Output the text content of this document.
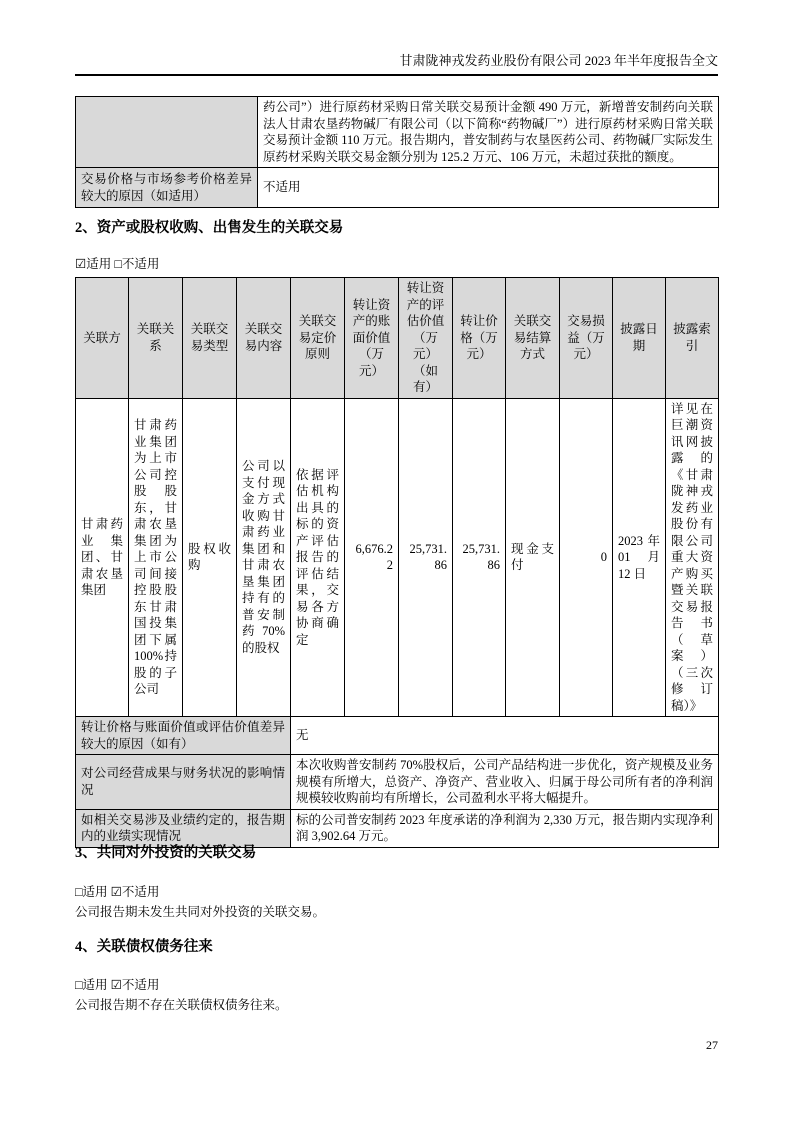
甘肃陇神戎发药业股份有限公司 2023 年半年度报告全文
	药公司”）进行原药材采购日常关联交易预计金额 490 万元，新增普安制药向关联法人甘肃农垦药物碱厂有限公司（以下简称“药物碱厂”）进行原药材采购日常关联交易预计金额 110 万元。报告期内，普安制药与农垦医药公司、药物碱厂实际发生原药材采购关联交易金额分别为 125.2 万元、106 万元，未超过获批的额度。
交易价格与市场参考价格差异较大的原因（如适用）	不适用
2、资产或股权收购、出售发生的关联交易
☑适用 □不适用
关联方	关联关系	关联交易类型	关联交易内容	关联交易定价原则	转让资产的账面价值（万元）	转让资产的评估价值（万元）（如有）	转让价格（万元）	关联交易结算方式	交易损益（万元）	披露日期	披露索引
甘肃药业集团、甘肃农垦集团	甘肃药业集团为上市公司控股股东，甘肃农垦集团为上市公司间接控股股东甘肃国投集团下属100%持股的子公司	股权收购	公司以支付现金方式收购甘肃药业集团和甘肃农垦集团持有的普安制药 70%的股权	依据评估机构出具的标的资产评估报告的评估结果，交易各方协商确定	6,676.22	25,731.86	25,731.86	现金支付	0	2023 年 01 月 12 日	详见在巨潮资讯网披露的《甘肃陇神戎发药业股份有限公司重大资产购买暨关联交易报告书（草案）（三次修订稿）》
转让价格与账面价值或评估价值差异较大的原因（如有）				无							
对公司经营成果与财务状况的影响情况				本次收购普安制药 70%股权后，公司产品结构进一步优化，资产规模及业务规模有所增大，总资产、净资产、营业收入、归属于母公司所有者的净利润规模较收购前均有所增长，公司盈利水平将大幅提升。							
如相关交易涉及业绩约定的，报告期内的业绩实现情况				标的公司普安制药 2023 年度承诺的净利润为 2,330 万元，报告期内实现净利润 3,902.64 万元。							
3、共同对外投资的关联交易
□适用 ☑不适用
公司报告期未发生共同对外投资的关联交易。
4、关联债权债务往来
□适用 ☑不适用
公司报告期不存在关联债权债务往来。
27
